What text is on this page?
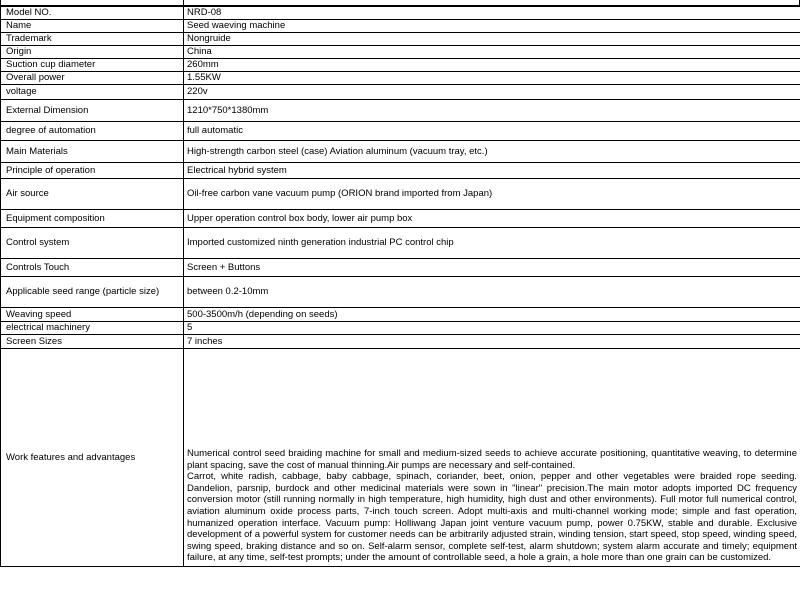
Model NO.	NRD-08
Name	Seed waeving machine
Trademark	Nongruide
Origin	China
Suction cup diameter	260mm
Overall power	1.55KW
voltage	220v
External Dimension	1210*750*1380mm
degree of automation	full automatic
Main Materials	High-strength carbon steel (case) Aviation aluminum (vacuum tray, etc.)
Principle of operation	Electrical hybrid system
Air source	Oil-free carbon vane vacuum pump (ORION brand imported from Japan)
Equipment composition	Upper operation control box body, lower air pump box
Control system	Imported customized ninth generation industrial PC control chip
Controls Touch	Screen + Buttons
Applicable seed range (particle size)	between 0.2-10mm
Weaving speed	500-3500m/h (depending on seeds)
electrical machinery	5
Screen Sizes	7 inches
Work features and advantages	Numerical control seed braiding machine for small and medium-sized seeds to achieve accurate positioning, quantitative weaving, to determine plant spacing, save the cost of manual thinning.Air pumps are necessary and self-contained.
Carrot, white radish, cabbage, baby cabbage, spinach, coriander, beet, onion, pepper and other vegetables were braided rope seeding. Dandelion, parsnip, burdock and other medicinal materials were sown in "linear" precision.The main motor adopts imported DC frequency conversion motor (still running normally in high temperature, high humidity, high dust and other environments). Full motor full numerical control, aviation aluminum oxide process parts, 7-inch touch screen. Adopt multi-axis and multi-channel working mode; simple and fast operation, humanized operation interface. Vacuum pump: Holliwang Japan joint venture vacuum pump, power 0.75KW, stable and durable. Exclusive development of a powerful system for customer needs can be arbitrarily adjusted strain, winding tension, start speed, stop speed, winding speed, swing speed, braking distance and so on. Self-alarm sensor, complete self-test, alarm shutdown; system alarm accurate and timely; equipment failure, at any time, self-test prompts; under the amount of controllable seed, a hole a grain, a hole more than one grain can be customized.
